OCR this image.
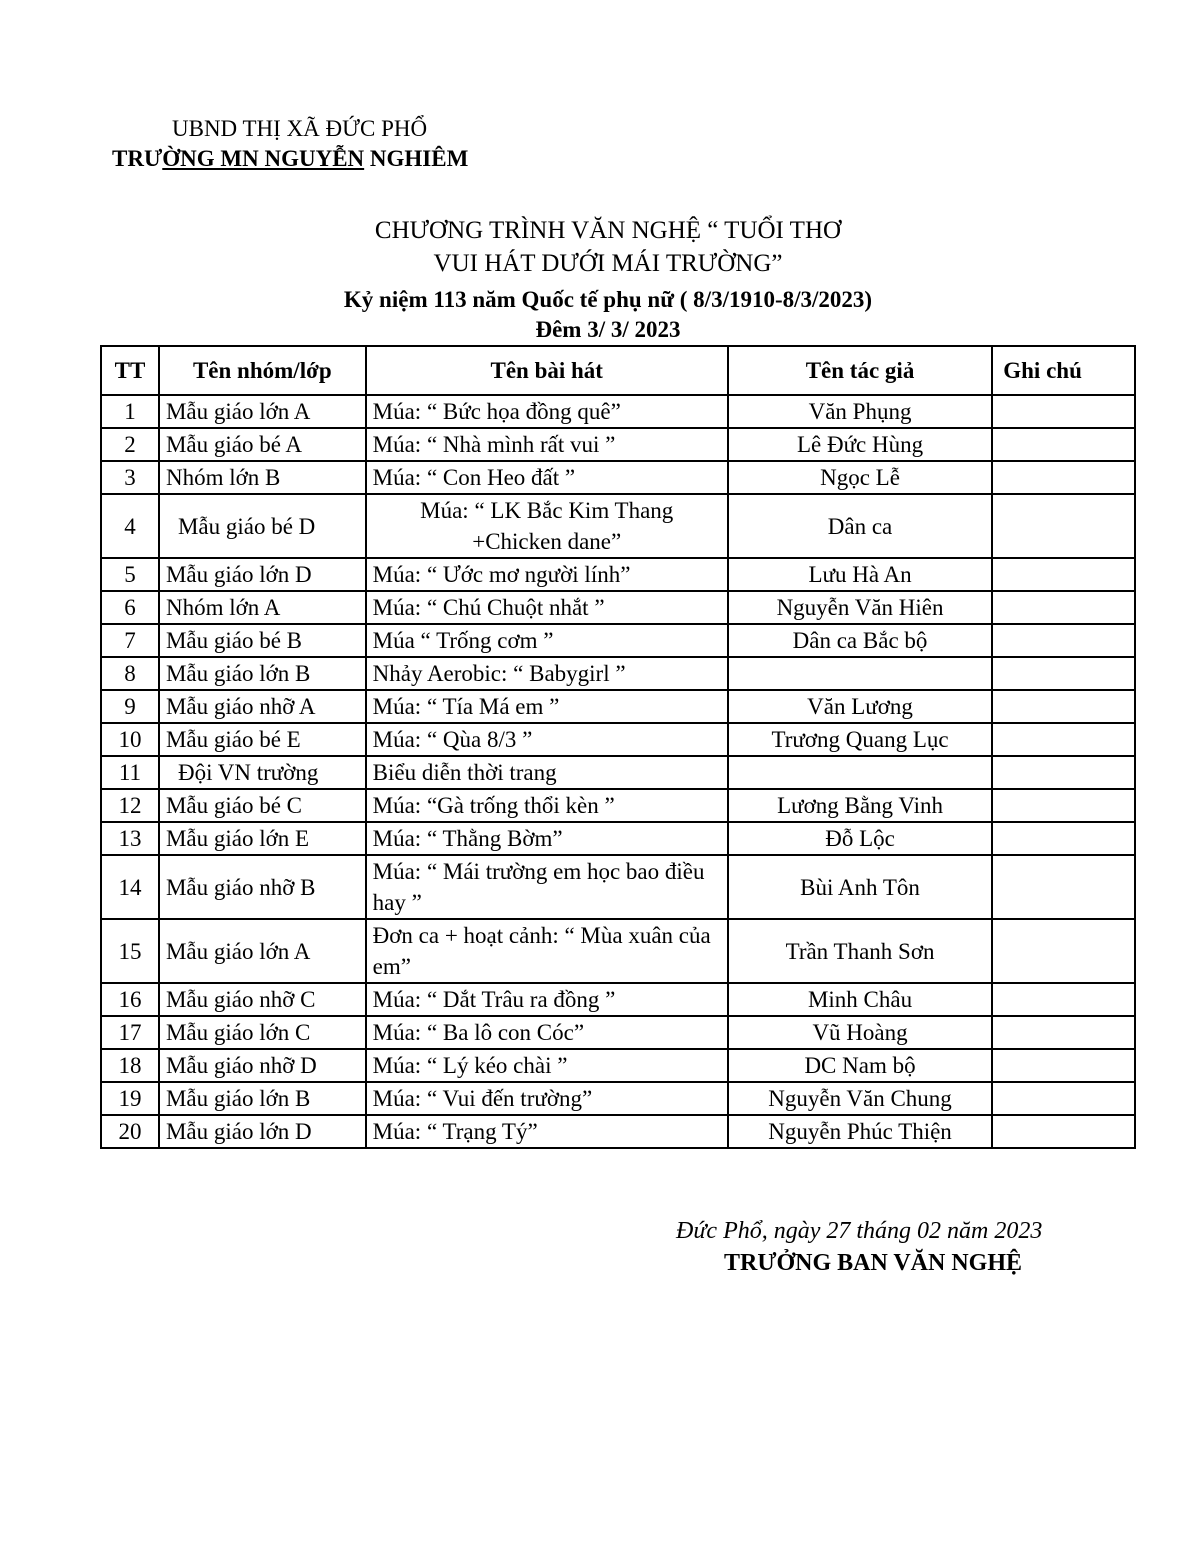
UBND THỊ XÃ ĐỨC PHỔ
TRƯỜNG MN NGUYỄN NGHIÊM
CHƯƠNG TRÌNH VĂN NGHỆ “ TUỔI THƠ
VUI HÁT DƯỚI MÁI TRƯỜNG”
Kỷ niệm 113 năm Quốc tế phụ nữ ( 8/3/1910-8/3/2023)
Đêm 3/ 3/ 2023
TT	Tên nhóm/lớp	Tên bài hát	Tên tác giả	Ghi chú
1	Mẫu giáo lớn A	Múa: “ Bức họa đồng quê”	Văn Phụng	
2	Mẫu giáo bé A	Múa: “ Nhà mình rất vui ”	Lê Đức Hùng	
3	Nhóm lớn B	Múa: “ Con Heo đất ”	Ngọc Lễ	
4	Mẫu giáo bé D	Múa: “ LK Bắc Kim Thang +Chicken dane”	Dân ca	
5	Mẫu giáo lớn D	Múa: “ Ước mơ người lính”	Lưu Hà An	
6	Nhóm lớn A	Múa: “ Chú Chuột nhắt ”	Nguyễn Văn Hiên	
7	Mẫu giáo bé B	Múa “ Trống cơm ”	Dân ca Bắc bộ	
8	Mẫu giáo lớn B	Nhảy Aerobic: “ Babygirl ”		
9	Mẫu giáo nhỡ A	Múa: “ Tía Má em ”	Văn Lương	
10	Mẫu giáo bé E	Múa: “ Qùa 8/3 ”	Trương Quang Lục	
11	Đội VN trường	Biểu diễn thời trang		
12	Mẫu giáo bé C	Múa: “Gà trống thổi kèn ”	Lương Bằng Vinh	
13	Mẫu giáo lớn E	Múa: “ Thằng Bờm”	Đỗ Lộc	
14	Mẫu giáo nhỡ B	Múa: “ Mái trường em học bao điều hay ”	Bùi Anh Tôn	
15	Mẫu giáo lớn A	Đơn ca + hoạt cảnh: “ Mùa xuân của em”	Trần Thanh Sơn	
16	Mẫu giáo nhỡ C	Múa: “ Dắt Trâu ra đồng ”	Minh Châu	
17	Mẫu giáo lớn C	Múa: “ Ba lô con Cóc”	Vũ Hoàng	
18	Mẫu giáo nhỡ D	Múa: “ Lý kéo chài ”	DC Nam bộ	
19	Mẫu giáo lớn B	Múa: “ Vui đến trường”	Nguyễn Văn Chung	
20	Mẫu giáo lớn D	Múa: “ Trạng Tý”	Nguyễn Phúc Thiện	
Đức Phổ, ngày 27 tháng 02 năm 2023
TRƯỞNG BAN VĂN NGHỆ
